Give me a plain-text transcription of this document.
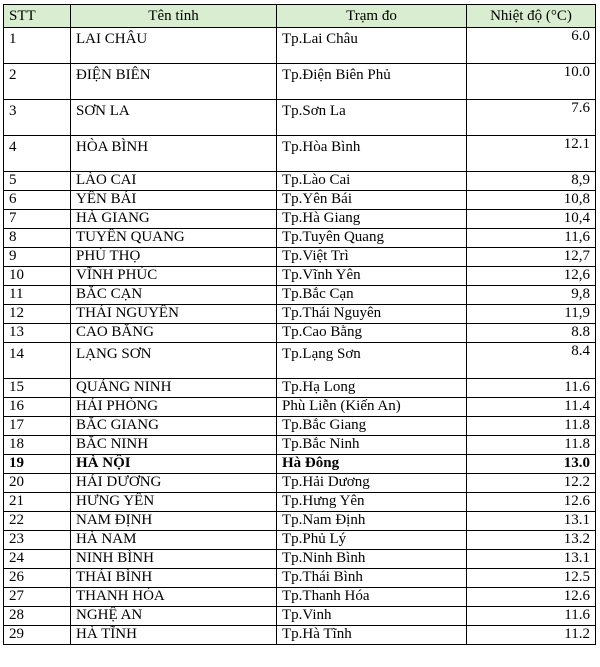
STT	Tên tỉnh	Trạm đo	Nhiệt độ (°C)
1	LAI CHÂU	Tp.Lai Châu	6.0
2	ĐIỆN BIÊN	Tp.Điện Biên Phủ	10.0
3	SƠN LA	Tp.Sơn La	7.6
4	HÒA BÌNH	Tp.Hòa Bình	12.1
5	LÀO CAI	Tp.Lào Cai	8,9
6	YÊN BÁI	Tp.Yên Bái	10,8
7	HÀ GIANG	Tp.Hà Giang	10,4
8	TUYÊN QUANG	Tp.Tuyên Quang	11,6
9	PHÚ THỌ	Tp.Việt Trì	12,7
10	VĨNH PHÚC	Tp.Vĩnh Yên	12,6
11	BẮC CẠN	Tp.Bắc Cạn	9,8
12	THÁI NGUYÊN	Tp.Thái Nguyên	11,9
13	CAO BẰNG	Tp.Cao Bằng	8.8
14	LẠNG SƠN	Tp.Lạng Sơn	8.4
15	QUẢNG NINH	Tp.Hạ Long	11.6
16	HẢI PHÒNG	Phù Liễn (Kiến An)	11.4
17	BẮC GIANG	Tp.Bắc Giang	11.8
18	BẮC NINH	Tp.Bắc Ninh	11.8
19	HÀ NỘI	Hà Đông	13.0
20	HẢI DƯƠNG	Tp.Hải Dương	12.2
21	HƯNG YÊN	Tp.Hưng Yên	12.6
22	NAM ĐỊNH	Tp.Nam Định	13.1
23	HÀ NAM	Tp.Phủ Lý	13.2
24	NINH BÌNH	Tp.Ninh Bình	13.1
26	THÁI BÌNH	Tp.Thái Bình	12.5
27	THANH HÓA	Tp.Thanh Hóa	12.6
28	NGHỆ AN	Tp.Vinh	11.6
29	HÀ TĨNH	Tp.Hà Tĩnh	11.2
